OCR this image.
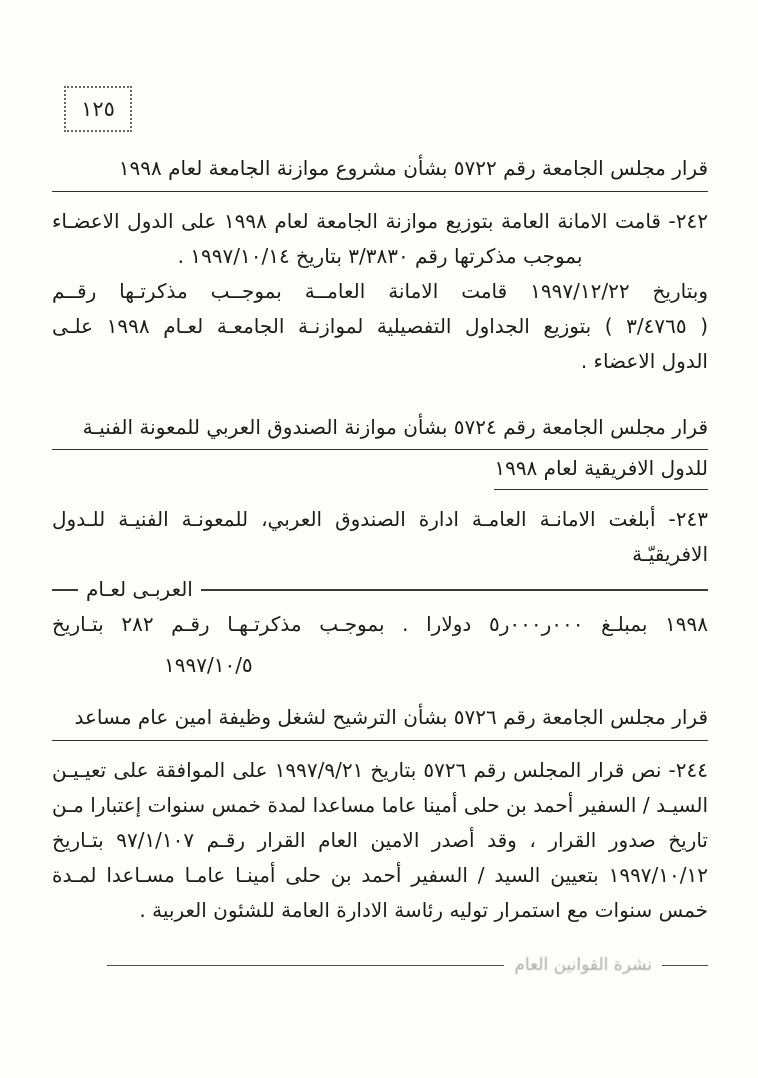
١٢٥
قرار مجلس الجامعة رقم ٥٧٢٢ بشأن مشروع موازنة الجامعة لعام ١٩٩٨
٢٤٢- قامت الامانة العامة بتوزيع موازنة الجامعة لعام ١٩٩٨ على الدول الاعضـاء
بموجب مذكرتها رقم ٣/٣٨٣٠ بتاريخ ١٩٩٧/١٠/١٤ .
وبتاريخ ١٩٩٧/١٢/٢٢ قامت الامانة العامــة بموجــب مذكرتـها رقــم
( ٣/٤٧٦٥ ) بتوزيع الجداول التفصيلية لموازنـة الجامعـة لعـام ١٩٩٨ علـى
الدول الاعضاء .
قرار مجلس الجامعة رقم ٥٧٢٤ بشأن موازنة الصندوق العربي للمعونة الفنيـة
للدول الافريقية لعام ١٩٩٨
٢٤٣- أبلغت الامانـة العامـة ادارة الصندوق العربي، للمعونـة الفنيـة للـدول الافريقيّـة
العربـى لعـام
١٩٩٨ بمبلـغ ٠٠٠ر٠٠٠ر٥ دولارا . بموجـب مذكرتـهـا رقـم ٢٨٢ بتـاريخ
١٩٩٧/١٠/٥
قرار مجلس الجامعة رقم ٥٧٢٦ بشأن الترشيح لشغل وظيفة امين عام مساعد
٢٤٤- نص قرار المجلس رقم ٥٧٢٦ بتاريخ ١٩٩٧/٩/٢١ على الموافقة على تعيـيـن
السيـد / السفير أحمد بن حلى أمينا عاما مساعدا لمدة خمس سنوات إعتبارا مـن
تاريخ صدور القرار ، وقد أصدر الامين العام القرار رقـم ٩٧/١/١٠٧ بتـاريخ
١٩٩٧/١٠/١٢ بتعيين السيد / السفير أحمد بن حلى أمينـا عامـا مسـاعدا لمـدة
خمس سنوات مع استمرار توليه رئاسة الادارة العامة للشئون العربية .
نشرة القوانين العام
